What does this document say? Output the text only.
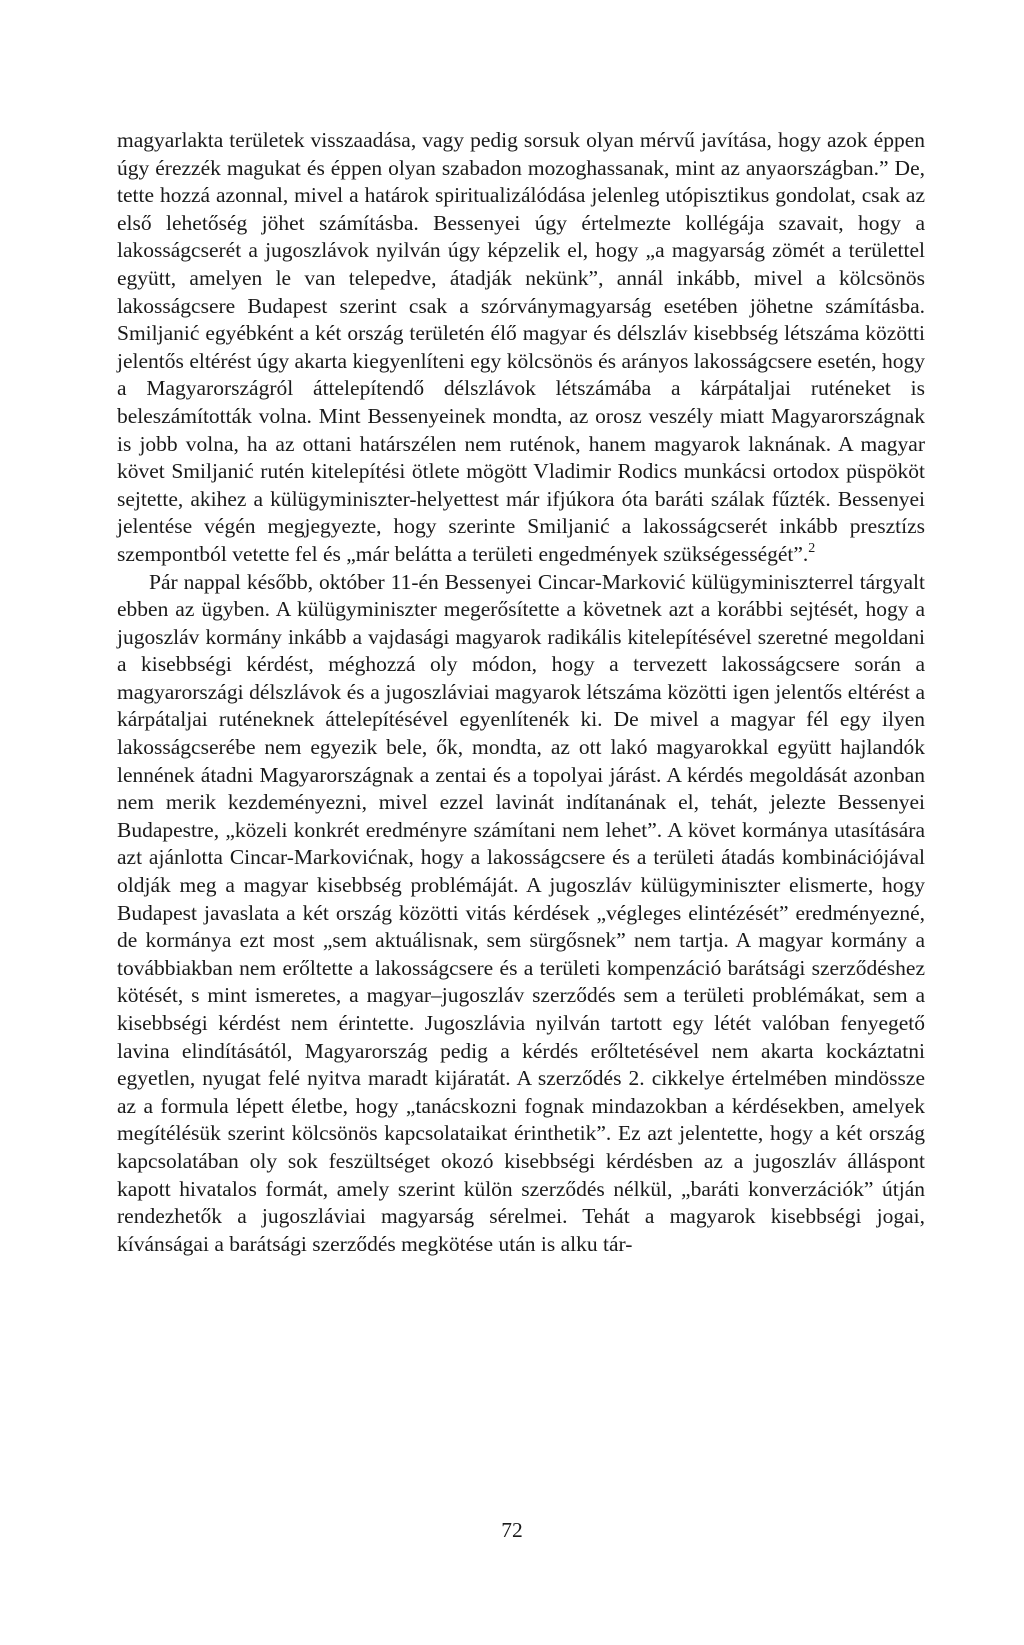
magyarlakta területek visszaadása, vagy pedig sorsuk olyan mérvű javítása, hogy azok éppen úgy érezzék magukat és éppen olyan szabadon mozoghassanak, mint az anyaországban.” De, tette hozzá azonnal, mivel a határok spiritualizálódása jelenleg utópisztikus gondolat, csak az első lehetőség jöhet számításba. Bessenyei úgy értelmezte kollégája szavait, hogy a lakosságcserét a jugoszlávok nyilván úgy képzelik el, hogy „a magyarság zömét a területtel együtt, amelyen le van telepedve, átadják nekünk”, annál inkább, mivel a kölcsönös lakosságcsere Budapest szerint csak a szórványmagyarság esetében jöhetne számításba. Smiljanić egyébként a két ország területén élő magyar és délszláv kisebbség létszáma közötti jelentős eltérést úgy akarta kiegyenlíteni egy kölcsönös és arányos lakosságcsere esetén, hogy a Magyarországról áttelepítendő délszlávok létszámába a kárpátaljai ruténeket is beleszámították volna. Mint Bessenyeinek mondta, az orosz veszély miatt Magyarországnak is jobb volna, ha az ottani határszélen nem ruténok, hanem magyarok laknának. A magyar követ Smiljanić rutén kitelepítési ötlete mögött Vladimir Rodics munkácsi ortodox püspököt sejtette, akihez a külügyminiszter-helyettest már ifjúkora óta baráti szálak fűzték. Bessenyei jelentése végén megjegyezte, hogy szerinte Smiljanić a lakosságcserét inkább presztízs szempontból vetette fel és „már belátta a területi engedmények szükségességét”.$^2$

Pár nappal később, október 11-én Bessenyei Cincar-Marković külügyminiszterrel tárgyalt ebben az ügyben. A külügyminiszter megerősítette a követnek azt a korábbi sejtését, hogy a jugoszláv kormány inkább a vajdasági magyarok radikális kitelepítésével szeretné megoldani a kisebbségi kérdést, méghozzá oly módon, hogy a tervezett lakosságcsere során a magyarországi délszlávok és a jugoszláviai magyarok létszáma közötti igen jelentős eltérést a kárpátaljai ruténeknek áttelepítésével egyenlítenék ki. De mivel a magyar fél egy ilyen lakosságcserébe nem egyezik bele, ők, mondta, az ott lakó magyarokkal együtt hajlandók lennének átadni Magyarországnak a zentai és a topolyai járást. A kérdés megoldását azonban nem merik kezdeményezni, mivel ezzel lavinát indítanának el, tehát, jelezte Bessenyei Budapestre, „közeli konkrét eredményre számítani nem lehet”. A követ kormánya utasítására azt ajánlotta Cincar-Markovićnak, hogy a lakosságcsere és a területi átadás kombinációjával oldják meg a magyar kisebbség problémáját. A jugoszláv külügyminiszter elismerte, hogy Budapest javaslata a két ország közötti vitás kérdések „végleges elintézését” eredményezné, de kormánya ezt most „sem aktuálisnak, sem sürgősnek” nem tartja. A magyar kormány a továbbiakban nem erőltette a lakosságcsere és a területi kompenzáció barátsági szerződéshez kötését, s mint ismeretes, a magyar–jugoszláv szerződés sem a területi problémákat, sem a kisebbségi kérdést nem érintette. Jugoszlávia nyilván tartott egy létét valóban fenyegető lavina elindításától, Magyarország pedig a kérdés erőltetésével nem akarta kockáztatni egyetlen, nyugat felé nyitva maradt kijáratát. A szerződés 2. cikkelye értelmében mindössze az a formula lépett életbe, hogy „tanácskozni fognak mindazokban a kérdésekben, amelyek megítélésük szerint kölcsönös kapcsolataikat érinthetik”. Ez azt jelentette, hogy a két ország kapcsolatában oly sok feszültséget okozó kisebbségi kérdésben az a jugoszláv álláspont kapott hivatalos formát, amely szerint külön szerződés nélkül, „baráti konverzációk” útján rendezhetők a jugoszláviai magyarság sérelmei. Tehát a magyarok kisebbségi jogai, kívánságai a barátsági szerződés megkötése után is alku tár-

72
